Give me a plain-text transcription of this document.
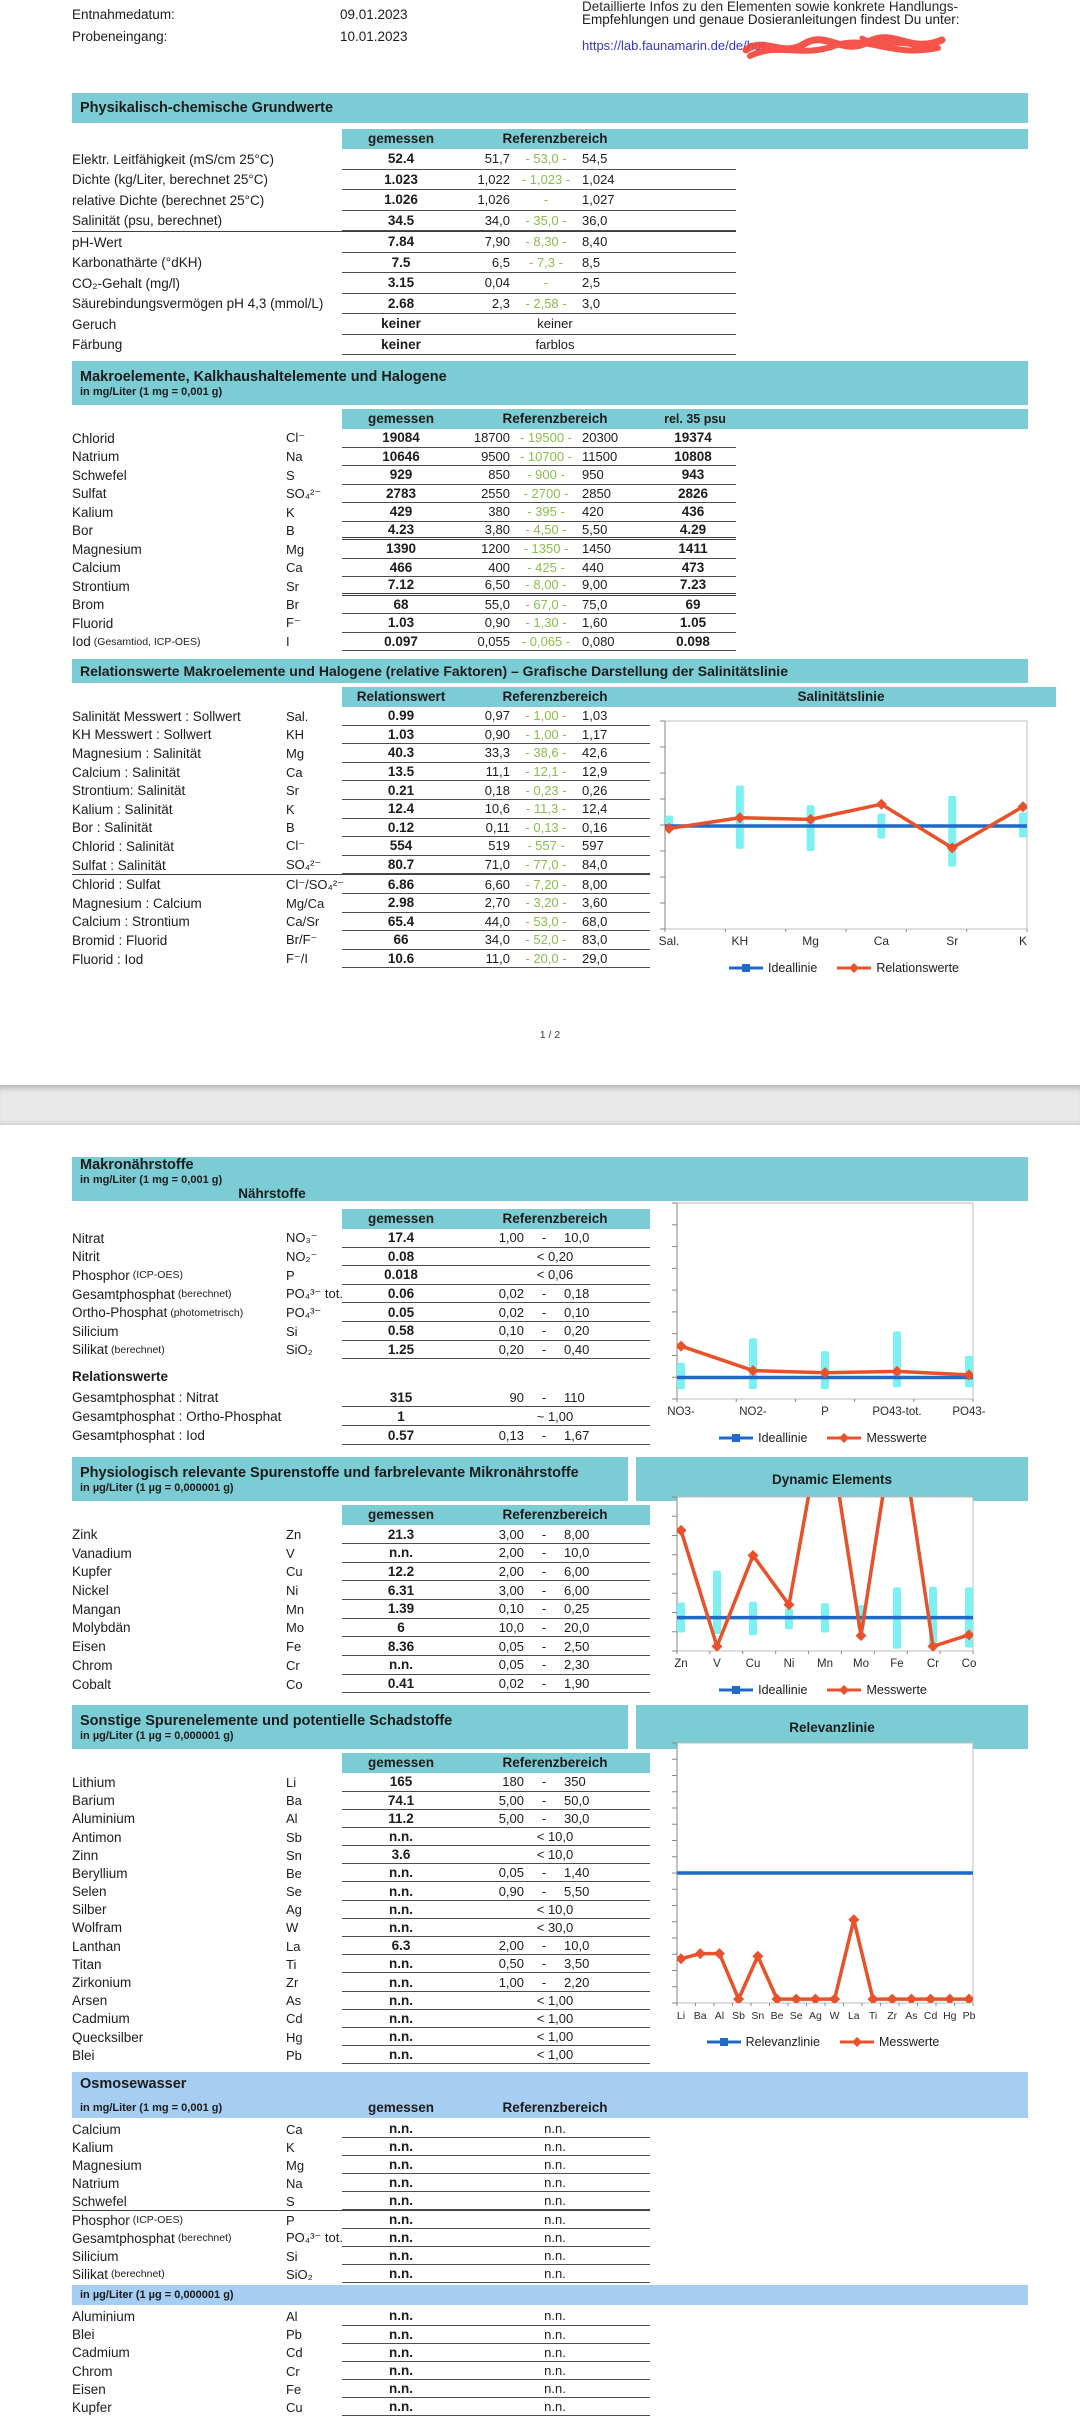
Entnahmedatum:	09.01.2023
Probeneingang:	10.01.2023
Detaillierte Infos zu den Elementen sowie konkrete Handlungs-
Empfehlungen und genaue Dosieranleitungen findest Du unter:
https://lab.faunamarin.de/de/hor
Physikalisch-chemische Grundwerte
gemessen	Referenzbereich
Elektr. Leitfähigkeit (mS/cm 25°C)	52.4	51,7	- 53,0 -	54,5
Dichte (kg/Liter, berechnet 25°C)	1.023	1,022 - 1,023 - 1,024
relative Dichte (berechnet 25°C)	1.026	1,026	-	1,027
Salinität (psu, berechnet)	34.5	34,0	- 35,0 -	36,0
pH-Wert	7.84	7,90	- 8,30 -	8,40
Karbonathärte (°dKH)	7.5	6,5	- 7,3 -	8,5
CO₂-Gehalt (mg/l)	3.15	0,04	-	2,5
Säurebindungsvermögen pH 4,3 (mmol/L)	2.68	2,3	- 2,58 -	3,0
Geruch	keiner	keiner
Färbung	keiner	farblos
Makroelemente, Kalkhaushaltelemente und Halogene
in mg/Liter (1 mg = 0,001 g)
gemessen	Referenzbereich	rel. 35 psu
Chlorid	Cl⁻	19084	18700 - 19500 - 20300	19374
Natrium	Na	10646	9500 - 10700 - 11500	10808
Schwefel	S	929	850	- 900 -	950	943
Sulfat	SO₄²⁻	2783	2550	- 2700 -	2850	2826
Kalium	K	429	380	- 395 -	420	436
Bor	B	4.23	3,80	- 4,50 -	5,50	4.29
Magnesium	Mg	1390	1200	- 1350 -	1450	1411
Calcium	Ca	466	400	- 425 -	440	473
Strontium	Sr	7.12	6,50	- 8,00 -	9,00	7.23
Brom	Br	68	55,0	- 67,0 -	75,0	69
Fluorid	F⁻	1.03	0,90	- 1,30 -	1,60	1.05
Iod (Gesamtiod, ICP-OES)	I	0.097	0,055 - 0,065 - 0,080	0.098
Relationswerte Makroelemente und Halogene (relative Faktoren) – Grafische Darstellung der Salinitätslinie
Relationswert	Referenzbereich	Salinitätslinie
Salinität Messwert : Sollwert	Sal.	0.99	0,97	- 1,00 -	1,03
KH Messwert : Sollwert	KH	1.03	0,90	- 1,00 -	1,17
Magnesium : Salinität	Mg	40.3	33,3	- 38,6 -	42,6
Calcium : Salinität	Ca	13.5	11,1	- 12,1 -	12,9
Strontium: Salinität	Sr	0.21	0,18	- 0,23 -	0,26
Kalium : Salinität	K	12.4	10,6	- 11,3 -	12,4
Bor : Salinität	B	0.12	0,11	- 0,13 -	0,16
Chlorid : Salinität	Cl⁻	554	519	- 557 -	597
Sulfat : Salinität	SO₄²⁻	80.7	71,0	- 77,0 -	84,0
Chlorid : Sulfat	Cl⁻/SO₄²⁻	6.86	6,60	- 7,20 -	8,00
Magnesium : Calcium	Mg/Ca	2.98	2,70	- 3,20 -	3,60
Calcium : Strontium	Ca/Sr	65.4	44,0	- 53,0 -	68,0
Bromid : Fluorid	Br/F⁻	66	34,0	- 52,0 -	83,0
Fluorid : Iod	F⁻/I	10.6	11,0	- 20,0 -	29,0
Sal.	KH	Mg	Ca	Sr	K
Ideallinie	Relationswerte
1 / 2
Makronährstoffe
in mg/Liter (1 mg = 0,001 g)
Nährstoffe
gemessen	Referenzbereich
Nitrat	NO₃⁻	17.4	1,00	-	10,0
Nitrit	NO₂⁻	0.08	< 0,20
Phosphor (ICP-OES)	P	0.018	< 0,06
Gesamtphosphat (berechnet)	PO₄³⁻ tot.	0.06	0,02	-	0,18
Ortho-Phosphat (photometrisch)	PO₄³⁻	0.05	0,02	-	0,10
Silicium	Si	0.58	0,10	-	0,20
Silikat (berechnet)	SiO₂	1.25	0,20	-	0,40
Relationswerte
Gesamtphosphat : Nitrat	315	90	-	110
Gesamtphosphat : Ortho-Phosphat	1	~ 1,00
Gesamtphosphat : Iod	0.57	0,13	-	1,67
NO3-	NO2-	P	PO43-tot.	PO43-
Ideallinie	Messwerte
Physiologisch relevante Spurenstoffe und farbrelevante Mikronährstoffe
in µg/Liter (1 µg = 0,000001 g)
Dynamic Elements
gemessen	Referenzbereich
Zink	Zn	21.3	3,00	-	8,00
Vanadium	V	n.n.	2,00	-	10,0
Kupfer	Cu	12.2	2,00	-	6,00
Nickel	Ni	6.31	3,00	-	6,00
Mangan	Mn	1.39	0,10	-	0,25
Molybdän	Mo	6	10,0	-	20,0
Eisen	Fe	8.36	0,05	-	2,50
Chrom	Cr	n.n.	0,05	-	2,30
Cobalt	Co	0.41	0,02	-	1,90
Zn V Cu Ni Mn Mo Fe Cr Co
Ideallinie	Messwerte
Sonstige Spurenelemente und potentielle Schadstoffe
in µg/Liter (1 µg = 0,000001 g)
Relevanzlinie
gemessen	Referenzbereich
Lithium	Li	165	180	-	350
Barium	Ba	74.1	5,00	-	50,0
Aluminium	Al	11.2	5,00	-	30,0
Antimon	Sb	n.n.	< 10,0
Zinn	Sn	3.6	< 10,0
Beryllium	Be	n.n.	0,05	-	1,40
Selen	Se	n.n.	0,90	-	5,50
Silber	Ag	n.n.	< 10,0
Wolfram	W	n.n.	< 30,0
Lanthan	La	6.3	2,00	-	10,0
Titan	Ti	n.n.	0,50	-	3,50
Zirkonium	Zr	n.n.	1,00	-	2,20
Arsen	As	n.n.	< 1,00
Cadmium	Cd	n.n.	< 1,00
Quecksilber	Hg	n.n.	< 1,00
Blei	Pb	n.n.	< 1,00
Li Ba Al Sb Sn Be Se Ag W La Ti Zr As Cd Hg Pb
Relevanzlinie	Messwerte
Osmosewasser
in mg/Liter (1 mg = 0,001 g)	gemessen	Referenzbereich
Calcium	Ca	n.n.	n.n.
Kalium	K	n.n.	n.n.
Magnesium	Mg	n.n.	n.n.
Natrium	Na	n.n.	n.n.
Schwefel	S	n.n.	n.n.
Phosphor (ICP-OES)	P	n.n.	n.n.
Gesamtphosphat (berechnet)	PO₄³⁻ tot.	n.n.	n.n.
Silicium	Si	n.n.	n.n.
Silikat (berechnet)	SiO₂	n.n.	n.n.
in µg/Liter (1 µg = 0,000001 g)
Aluminium	Al	n.n.	n.n.
Blei	Pb	n.n.	n.n.
Cadmium	Cd	n.n.	n.n.
Chrom	Cr	n.n.	n.n.
Eisen	Fe	n.n.	n.n.
Kupfer	Cu	n.n.	n.n.
